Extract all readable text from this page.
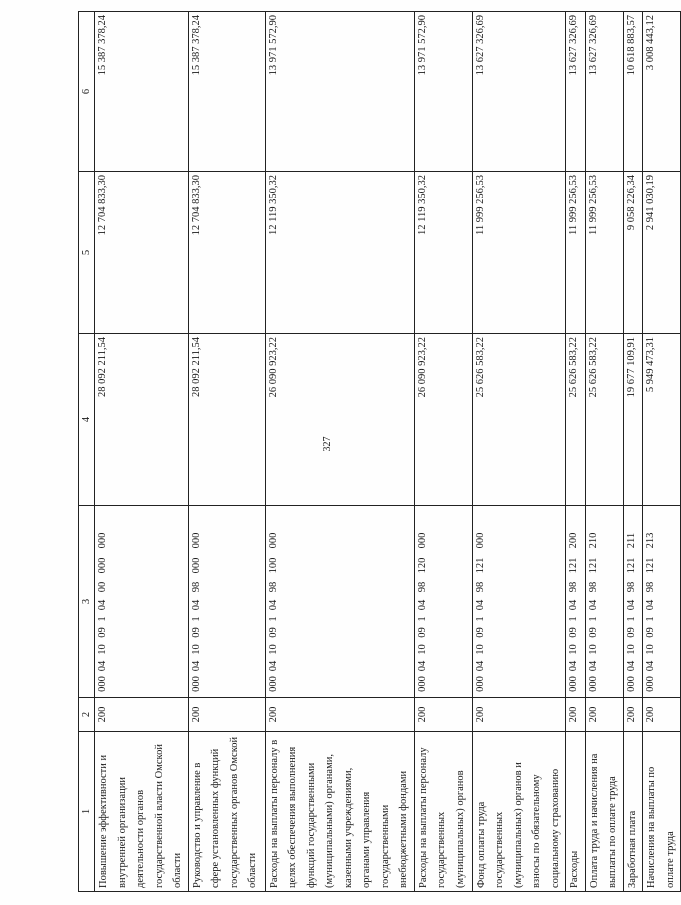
327
1	2	3	4	5	6
Повышение эффективности и внутренней организации деятельности органов государственной власти Омской области	200	00004100910400000000	28 092 211,54	12 704 833,30	15 387 378,24
Руководство и управление в сфере установленных функций государственных органов Омской области	200	00004100910498000000	28 092 211,54	12 704 833,30	15 387 378,24
Расходы на выплаты персоналу в целях обеспечения выполнения функций государственными (муниципальными) органами, казенными учреждениями, органами управления государственными внебюджетными фондами	200	00004100910498100000	26 090 923,22	12 119 350,32	13 971 572,90
Расходы на выплаты персоналу государственных (муниципальных) органов	200	00004100910498120000	26 090 923,22	12 119 350,32	13 971 572,90
Фонд оплаты труда государственных (муниципальных) органов и взносы по обязательному социальному страхованию	200	00004100910498121000	25 626 583,22	11 999 256,53	13 627 326,69
Расходы	200	00004100910498121200	25 626 583,22	11 999 256,53	13 627 326,69
Оплата труда и начисления на выплаты по оплате труда	200	00004100910498121210	25 626 583,22	11 999 256,53	13 627 326,69
Заработная плата	200	00004100910498121211	19 677 109,91	9 058 226,34	10 618 883,57
Начисления на выплаты по оплате труда	200	00004100910498121213	5 949 473,31	2 941 030,19	3 008 443,12
